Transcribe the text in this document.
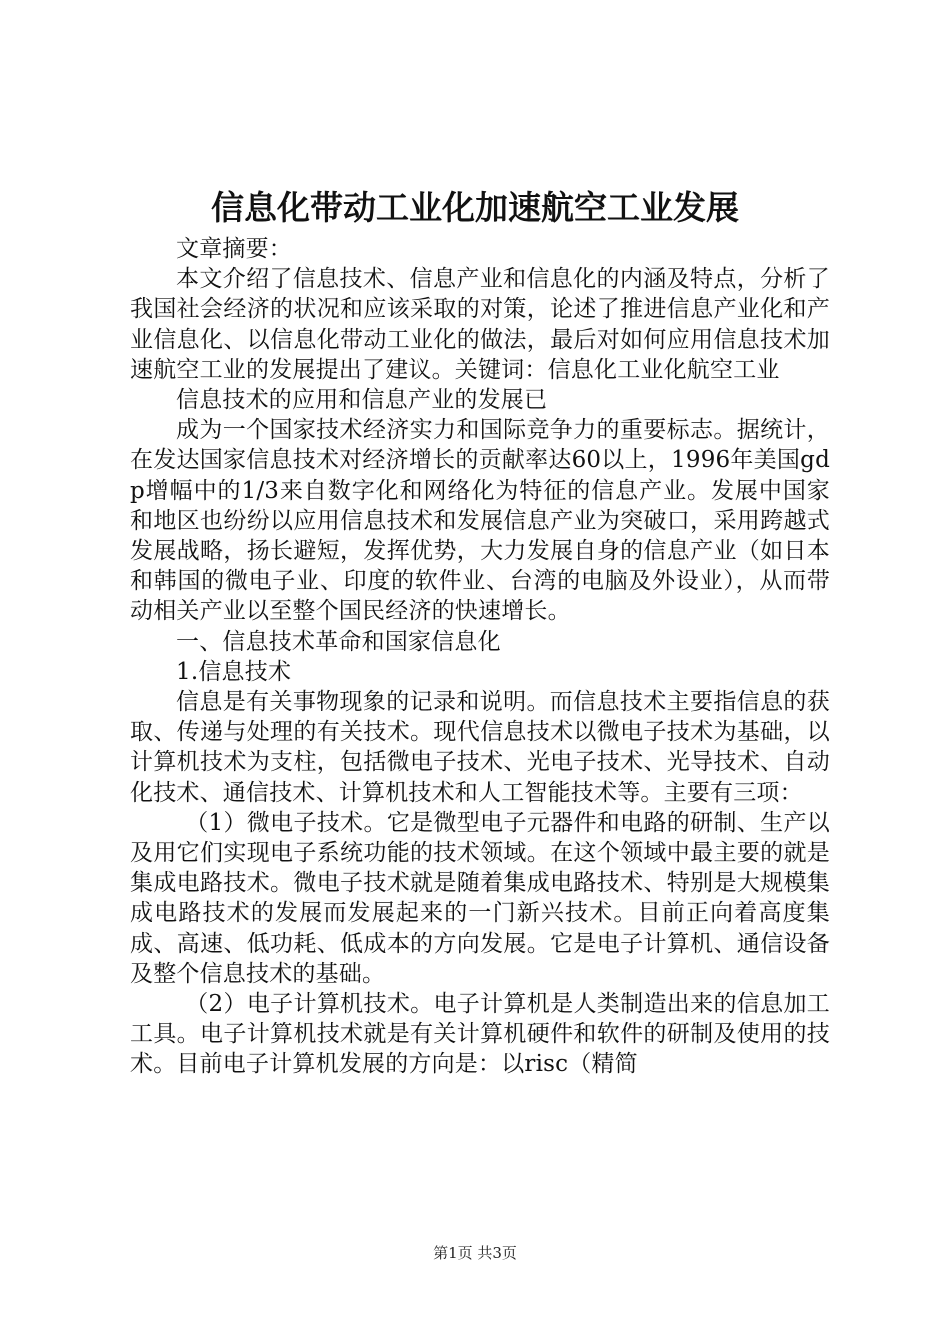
信息化带动工业化加速航空工业发展

文章摘要：

本文介绍了信息技术、信息产业和信息化的内涵及特点，分析了我国社会经济的状况和应该采取的对策，论述了推进信息产业化和产业信息化、以信息化带动工业化的做法，最后对如何应用信息技术加速航空工业的发展提出了建议。关键词：信息化工业化航空工业

信息技术的应用和信息产业的发展已

成为一个国家技术经济实力和国际竞争力的重要标志。据统计，在发达国家信息技术对经济增长的贡献率达60以上，1996年美国gdp增幅中的1/3来自数字化和网络化为特征的信息产业。发展中国家和地区也纷纷以应用信息技术和发展信息产业为突破口，采用跨越式发展战略，扬长避短，发挥优势，大力发展自身的信息产业（如日本和韩国的微电子业、印度的软件业、台湾的电脑及外设业），从而带动相关产业以至整个国民经济的快速增长。

一、信息技术革命和国家信息化

1.信息技术

信息是有关事物现象的记录和说明。而信息技术主要指信息的获取、传递与处理的有关技术。现代信息技术以微电子技术为基础，以计算机技术为支柱，包括微电子技术、光电子技术、光导技术、自动化技术、通信技术、计算机技术和人工智能技术等。主要有三项：

（1）微电子技术。它是微型电子元器件和电路的研制、生产以及用它们实现电子系统功能的技术领域。在这个领域中最主要的就是集成电路技术。微电子技术就是随着集成电路技术、特别是大规模集成电路技术的发展而发展起来的一门新兴技术。目前正向着高度集成、高速、低功耗、低成本的方向发展。它是电子计算机、通信设备及整个信息技术的基础。

（2）电子计算机技术。电子计算机是人类制造出来的信息加工工具。电子计算机技术就是有关计算机硬件和软件的研制及使用的技术。目前电子计算机发展的方向是：以risc（精简

第1页 共3页
